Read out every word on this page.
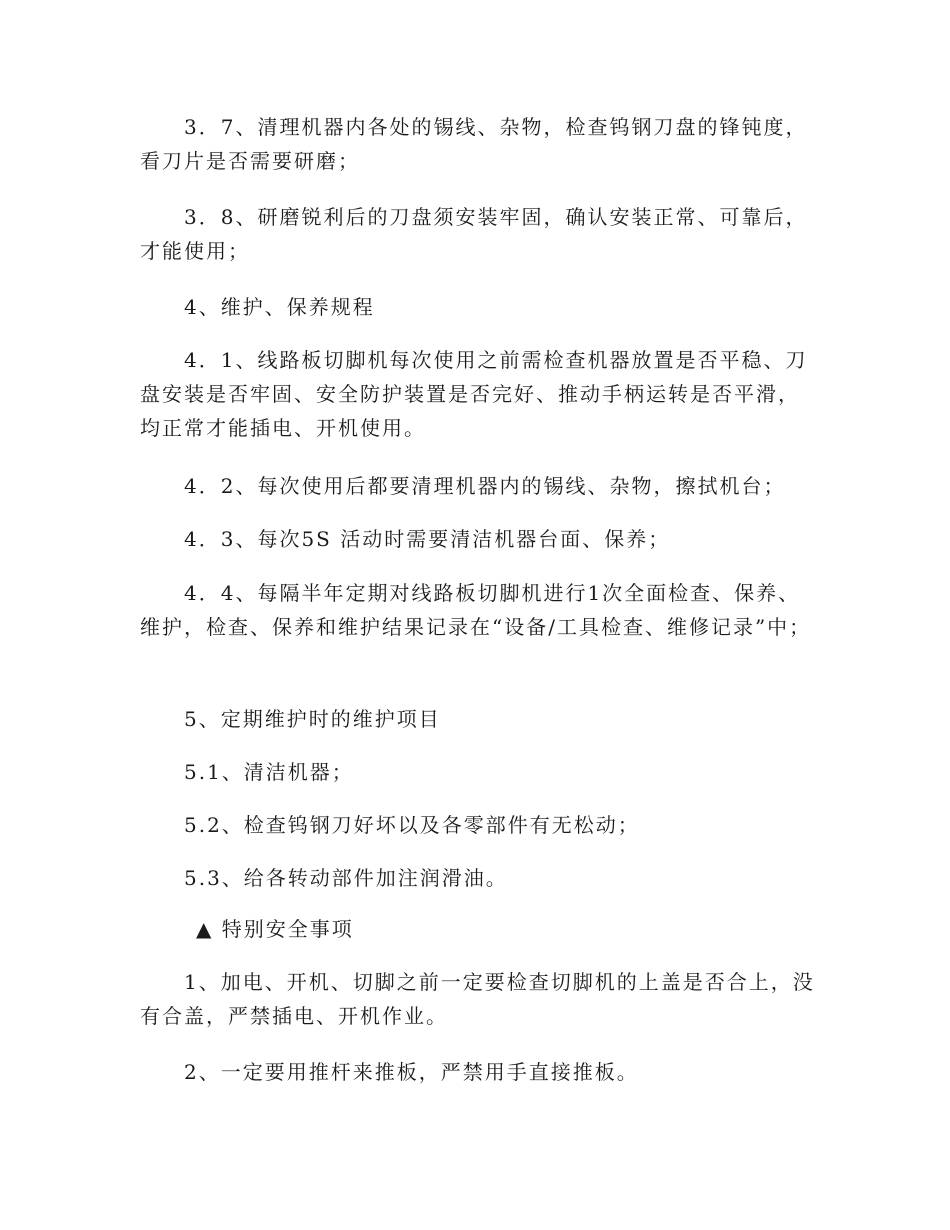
3．7、清理机器内各处的锡线、杂物，检查钨钢刀盘的锋钝度，看刀片是否需要研磨；

3．8、研磨锐利后的刀盘须安装牢固，确认安装正常、可靠后，才能使用；

4、维护、保养规程

4．1、线路板切脚机每次使用之前需检查机器放置是否平稳、刀盘安装是否牢固、安全防护装置是否完好、推动手柄运转是否平滑，均正常才能插电、开机使用。

4．2、每次使用后都要清理机器内的锡线、杂物，擦拭机台；

4．3、每次5S 活动时需要清洁机器台面、保养；

4．4、每隔半年定期对线路板切脚机进行1次全面检查、保养、维护，检查、保养和维护结果记录在“设备/工具检查、维修记录”中；

5、定期维护时的维护项目

5.1、清洁机器；

5.2、检查钨钢刀好坏以及各零部件有无松动；

5.3、给各转动部件加注润滑油。

▲ 特别安全事项

1、加电、开机、切脚之前一定要检查切脚机的上盖是否合上，没有合盖，严禁插电、开机作业。

2、一定要用推杆来推板，严禁用手直接推板。
